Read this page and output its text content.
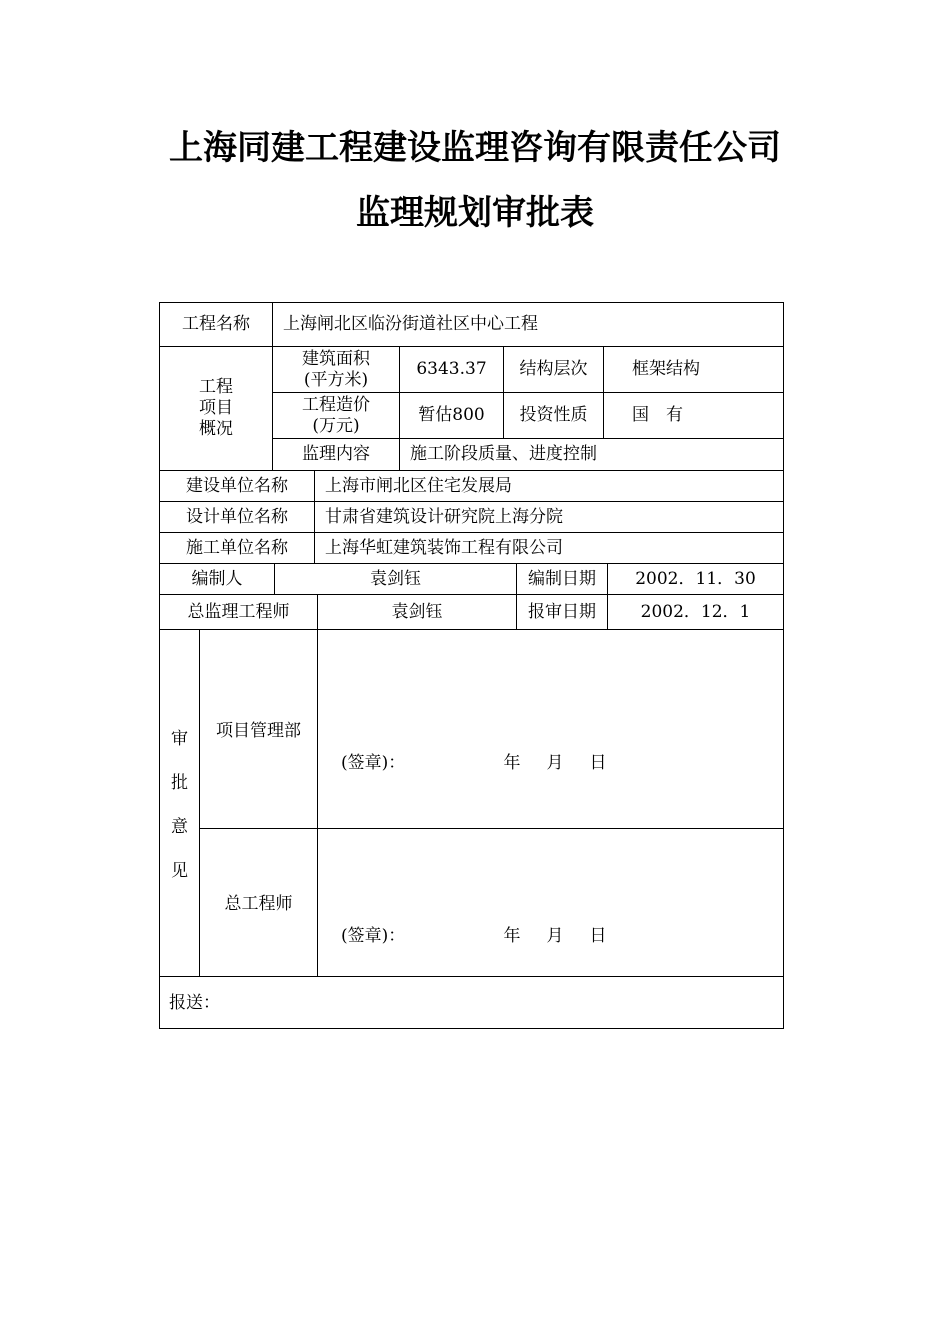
上海同建工程建设监理咨询有限责任公司
监理规划审批表
工程名称	上海闸北区临汾街道社区中心工程
工程
项目
概况
建筑面积
(平方米)
6343.37	结构层次	框架结构
工程造价
(万元)
暂估800	投资性质	国　有
监理内容	施工阶段质量、进度控制
建设单位名称	上海市闸北区住宅发展局
设计单位名称	甘肃省建筑设计研究院上海分院
施工单位名称	上海华虹建筑装饰工程有限公司
编制人	袁剑钰	编制日期	2002．11．30
总监理工程师	袁剑钰	报审日期	2002．12．1
审
批
意
见
项目管理部
(签章)：	年 月 日
总工程师
(签章)：	年 月 日
报送：
